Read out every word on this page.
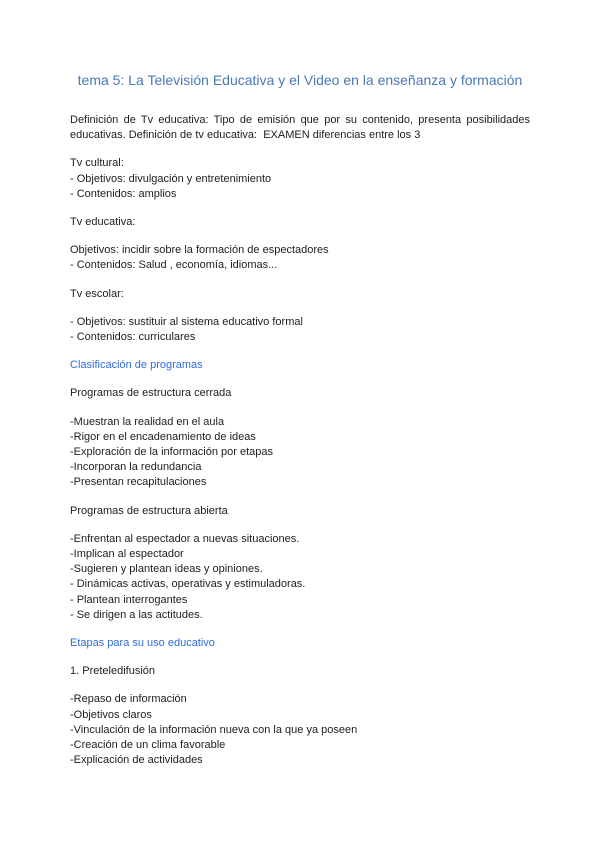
tema 5: La Televisión Educativa y el Video en la enseñanza y formación

Definición de Tv educativa: Tipo de emisión que por su contenido, presenta posibilidades educativas. Definición de tv educativa:  EXAMEN diferencias entre los 3

Tv cultural:
- Objetivos: divulgación y entretenimiento
- Contenidos: amplios

Tv educativa:

Objetivos: incidir sobre la formación de espectadores
- Contenidos: Salud , economía, idiomas...

Tv escolar:

- Objetivos: sustituir al sistema educativo formal
- Contenidos: curriculares

Clasificación de programas

Programas de estructura cerrada

-Muestran la realidad en el aula
-Rigor en el encadenamiento de ideas
-Exploración de la información por etapas
-Incorporan la redundancia
-Presentan recapitulaciones

Programas de estructura abierta

-Enfrentan al espectador a nuevas situaciones.
-Implican al espectador
-Sugieren y plantean ideas y opiniones.
- Dinámicas activas, operativas y estimuladoras.
- Plantean interrogantes
- Se dirigen a las actitudes.

Etapas para su uso educativo

1. Preteledifusión

-Repaso de información
-Objetivos claros
-Vinculación de la información nueva con la que ya poseen
-Creación de un clima favorable
-Explicación de actividades
